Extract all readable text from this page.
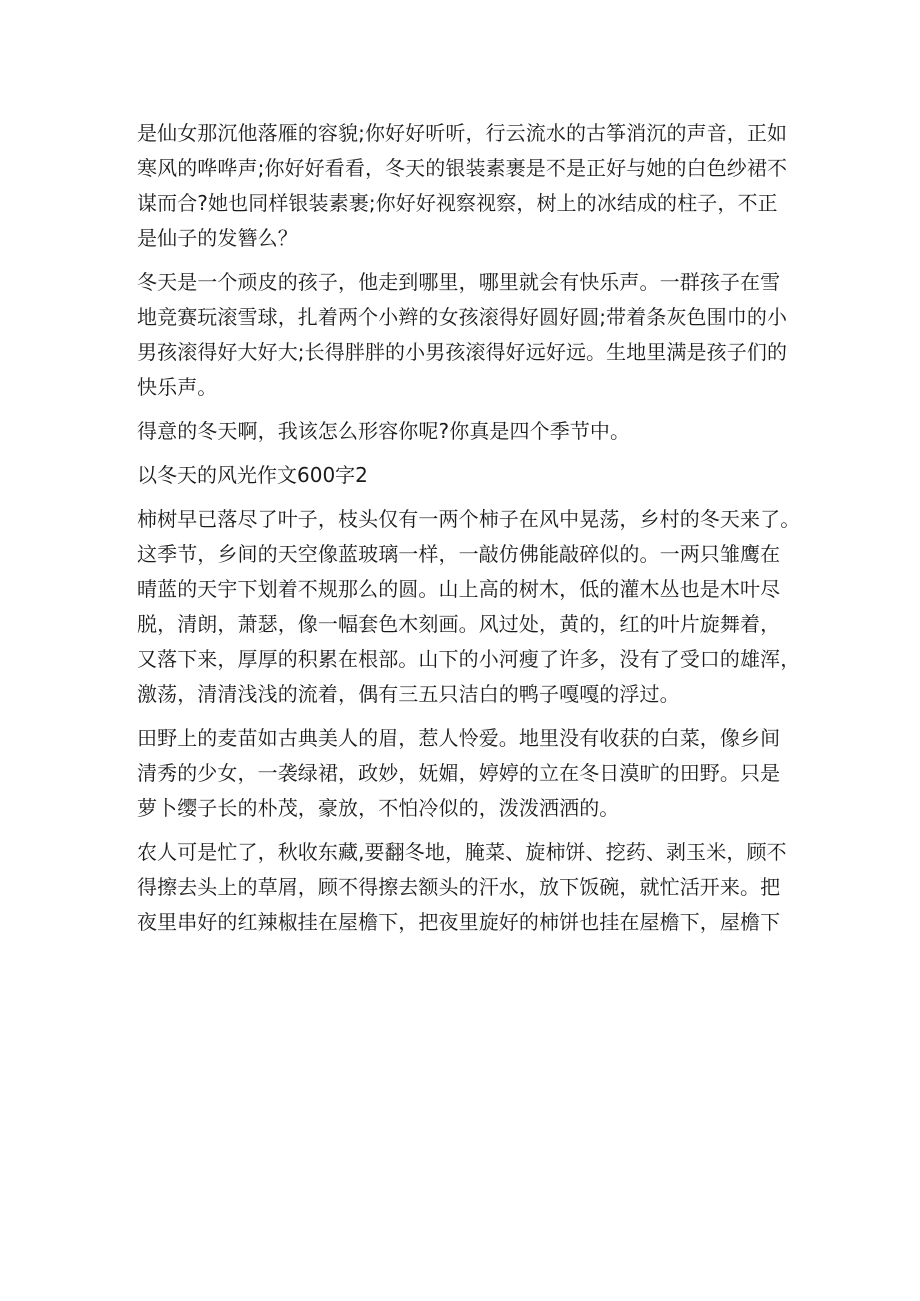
是仙女那沉他落雁的容貌;你好好听听，行云流水的古筝消沉的声音，正如
寒风的哗哗声;你好好看看，冬天的银装素裹是不是正好与她的白色纱裙不
谋而合?她也同样银装素裹;你好好视察视察，树上的冰结成的柱子，不正
是仙子的发簪么？

冬天是一个顽皮的孩子，他走到哪里，哪里就会有快乐声。一群孩子在雪
地竞赛玩滚雪球，扎着两个小辫的女孩滚得好圆好圆;带着条灰色围巾的小
男孩滚得好大好大;长得胖胖的小男孩滚得好远好远。生地里满是孩子们的
快乐声。

得意的冬天啊，我该怎么形容你呢?你真是四个季节中。

以冬天的风光作文600字2

柿树早已落尽了叶子，枝头仅有一两个柿子在风中晃荡，乡村的冬天来了。
这季节，乡间的天空像蓝玻璃一样，一敲仿佛能敲碎似的。一两只雏鹰在
晴蓝的天宇下划着不规那么的圆。山上高的树木，低的灌木丛也是木叶尽
脱，清朗，萧瑟，像一幅套色木刻画。风过处，黄的，红的叶片旋舞着，
又落下来，厚厚的积累在根部。山下的小河瘦了许多，没有了受口的雄浑，
激荡，清清浅浅的流着，偶有三五只洁白的鸭子嘎嘎的浮过。

田野上的麦苗如古典美人的眉，惹人怜爱。地里没有收获的白菜，像乡间
清秀的少女，一袭绿裙，政妙，妩媚，婷婷的立在冬日漠旷的田野。只是
萝卜缨子长的朴茂，豪放，不怕冷似的，泼泼洒洒的。

农人可是忙了，秋收东藏,要翻冬地，腌菜、旋柿饼、挖药、剥玉米，顾不
得擦去头上的草屑，顾不得擦去额头的汗水，放下饭碗，就忙活开来。把
夜里串好的红辣椒挂在屋檐下，把夜里旋好的柿饼也挂在屋檐下，屋檐下
